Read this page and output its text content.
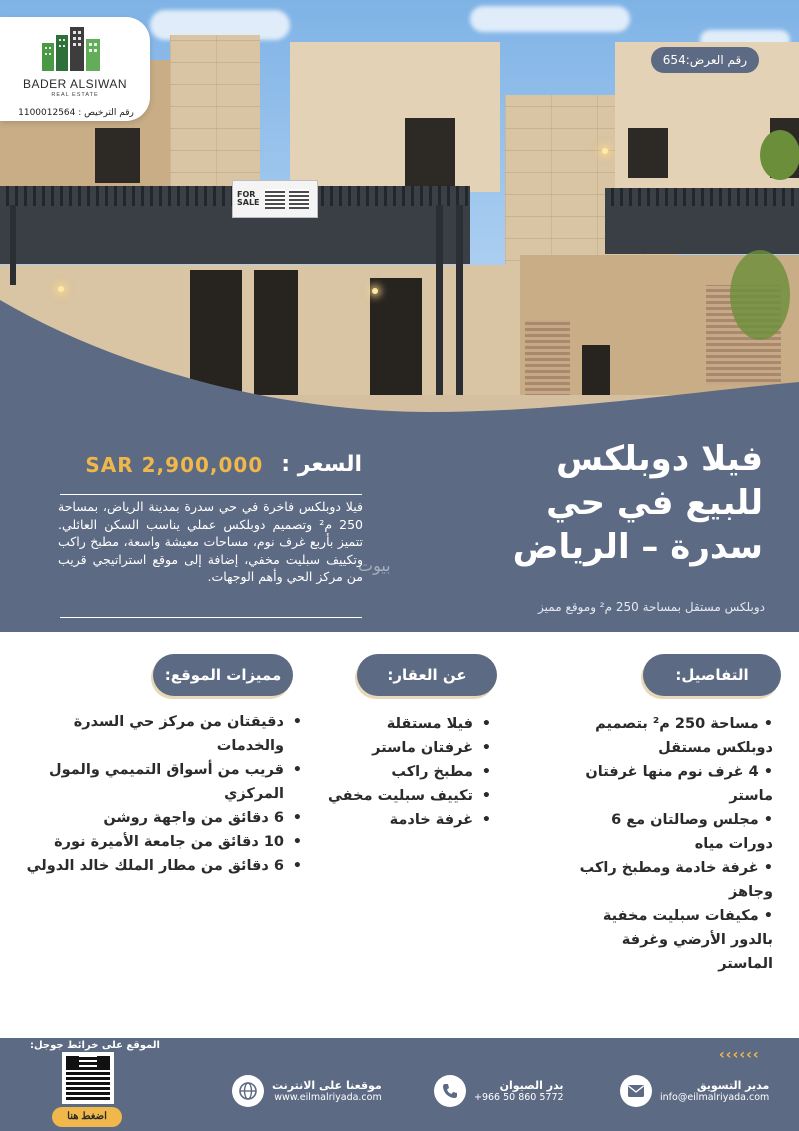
FOR SALE
BADER ALSIWAN
REAL ESTATE
رقم الترخيص : 1100012564
رقم العرض:654
فيلا دوبلكس
للبيع في حي
سدرة – الرياض
دوبلكس مستقل بمساحة 250 م² وموقع مميز
السعر :
SAR 2,900,000
فيلا دوبلكس فاخرة في حي سدرة بمدينة الرياض، بمساحة 250 م² وتصميم دوبلكس عملي يناسب السكن العائلي. تتميز بأربع غرف نوم، مساحات معيشة واسعة، مطبخ راكب وتكييف سبليت مخفي، إضافة إلى موقع استراتيجي قريب من مركز الحي وأهم الوجهات.
بيوت
التفاصيل:
عن العقار:
مميزات الموقع:
• مساحة 250 م² بتصميم دوبلكس مستقل
• 4 غرف نوم منها غرفتان ماستر
• مجلس وصالتان مع 6 دورات مياه
• غرفة خادمة ومطبخ راكب وجاهز
• مكيفات سبليت مخفية بالدور الأرضي وغرفة الماستر
• فيلا مستقلة
• غرفتان ماستر
• مطبخ راكب
• تكييف سبليت مخفي
• غرفة خادمة
• دقيقتان من مركز حي السدرة والخدمات
• قريب من أسواق التميمي والمول المركزي
• 6 دقائق من واجهة روشن
• 10 دقائق من جامعة الأميرة نورة
• 6 دقائق من مطار الملك خالد الدولي
الموقع على خرائط جوجل:
اضغط هنا
موقعنا على الانترنت
www.eilmalriyada.com
بدر الصيوان
+966 50 860 5772
مدير التسويق
info@eilmalriyada.com
‹ ‹ ‹ ‹ ‹ ‹
